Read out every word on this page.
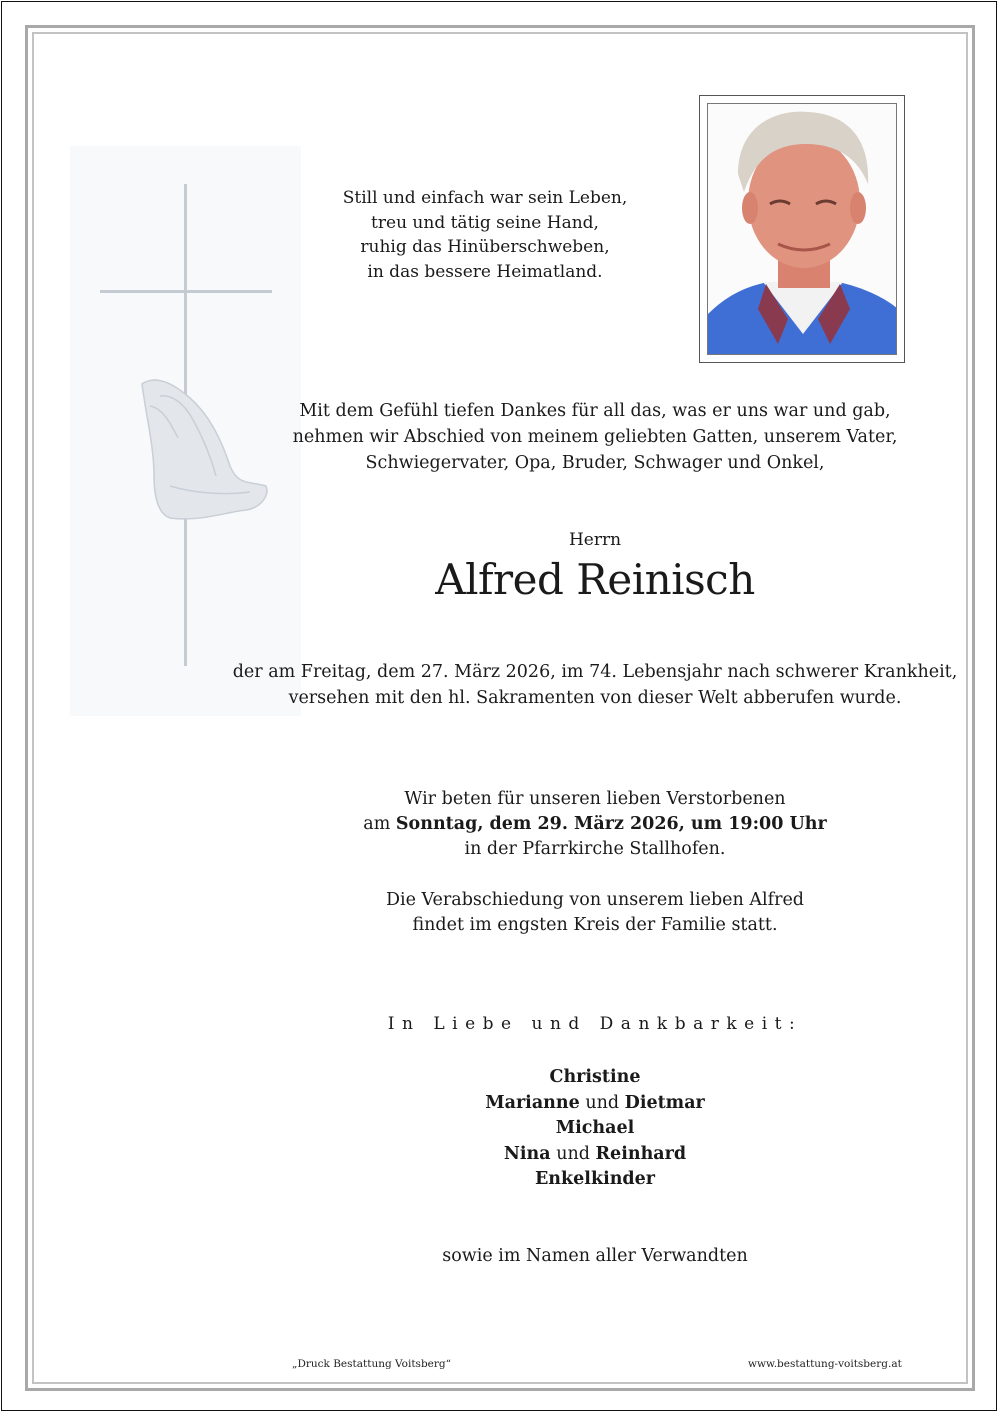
Still und einfach war sein Leben,
treu und tätig seine Hand,
ruhig das Hinüberschweben,
in das bessere Heimatland.
Mit dem Gefühl tiefen Dankes für all das, was er uns war und gab,
nehmen wir Abschied von meinem geliebten Gatten, unserem Vater,
Schwiegervater, Opa, Bruder, Schwager und Onkel,
Herrn
Alfred Reinisch
der am Freitag, dem 27. März 2026, im 74. Lebensjahr nach schwerer Krankheit,
versehen mit den hl. Sakramenten von dieser Welt abberufen wurde.
Wir beten für unseren lieben Verstorbenen
am Sonntag, dem 29. März 2026, um 19:00 Uhr
in der Pfarrkirche Stallhofen.
Die Verabschiedung von unserem lieben Alfred
findet im engsten Kreis der Familie statt.
In Liebe und Dankbarkeit:
Christine
Marianne und Dietmar
Michael
Nina und Reinhard
Enkelkinder
sowie im Namen aller Verwandten
„Druck Bestattung Voitsberg“	www.bestattung-voitsberg.at
